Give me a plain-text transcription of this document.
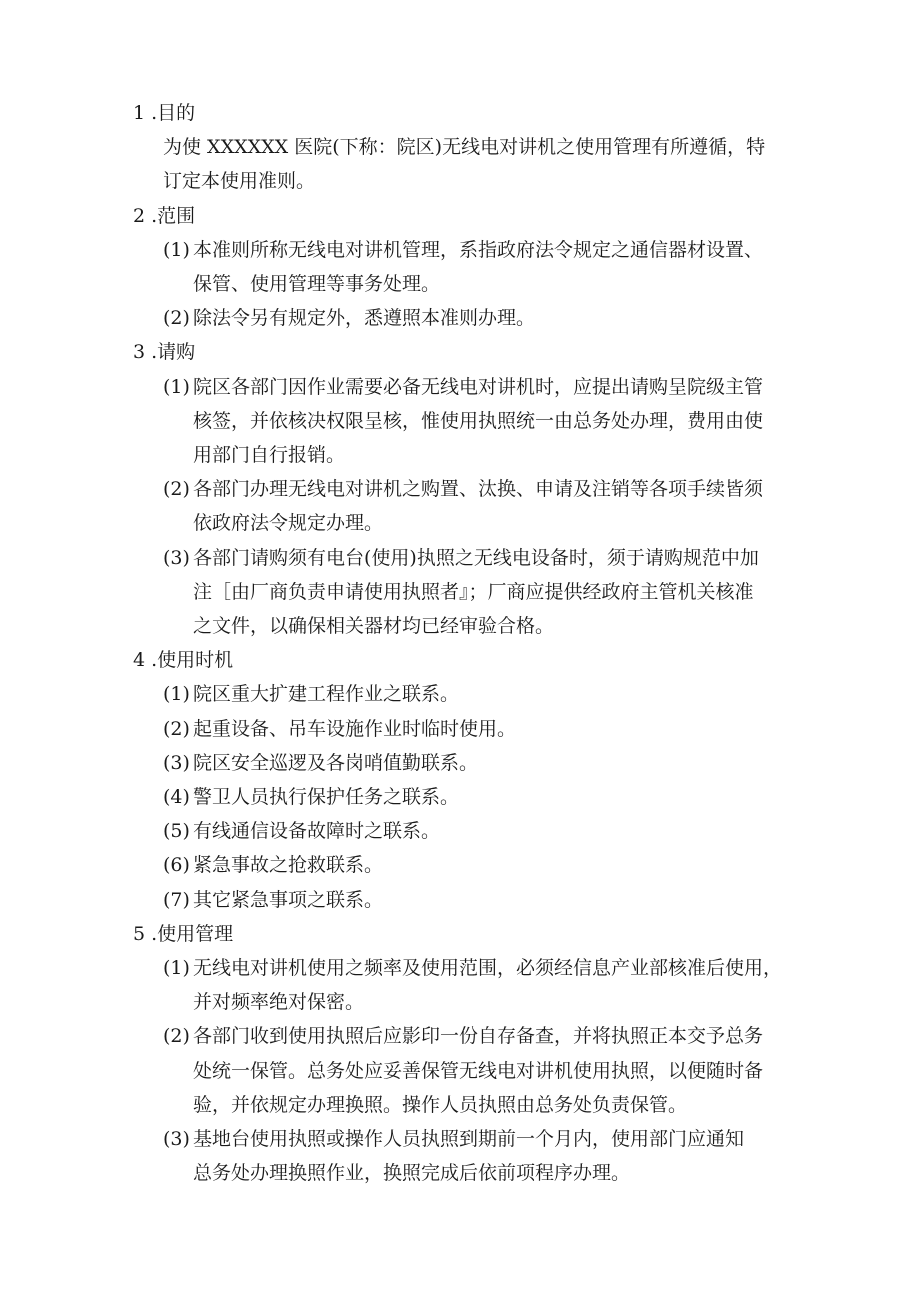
1 .目的
为使 XXXXXX 医院(下称：院区)无线电对讲机之使用管理有所遵循，特
订定本使用准则。
2 .范围
(1) 本准则所称无线电对讲机管理，系指政府法令规定之通信器材设置、
保管、使用管理等事务处理。
(2) 除法令另有规定外，悉遵照本准则办理。
3 .请购
(1) 院区各部门因作业需要必备无线电对讲机时，应提出请购呈院级主管
核签，并依核决权限呈核，惟使用执照统一由总务处办理，费用由使
用部门自行报销。
(2) 各部门办理无线电对讲机之购置、汰换、申请及注销等各项手续皆须
依政府法令规定办理。
(3) 各部门请购须有电台(使用)执照之无线电设备时，须于请购规范中加
注［由厂商负责申请使用执照者』；厂商应提供经政府主管机关核准
之文件，以确保相关器材均已经审验合格。
4 .使用时机
(1) 院区重大扩建工程作业之联系。
(2) 起重设备、吊车设施作业时临时使用。
(3) 院区安全巡逻及各岗哨值勤联系。
(4) 警卫人员执行保护任务之联系。
(5) 有线通信设备故障时之联系。
(6) 紧急事故之抢救联系。
(7) 其它紧急事项之联系。
5 .使用管理
(1) 无线电对讲机使用之频率及使用范围，必须经信息产业部核准后使用，
并对频率绝对保密。
(2) 各部门收到使用执照后应影印一份自存备查，并将执照正本交予总务
处统一保管。总务处应妥善保管无线电对讲机使用执照，以便随时备
验，并依规定办理换照。操作人员执照由总务处负责保管。
(3) 基地台使用执照或操作人员执照到期前一个月内，使用部门应通知
总务处办理换照作业，换照完成后依前项程序办理。
